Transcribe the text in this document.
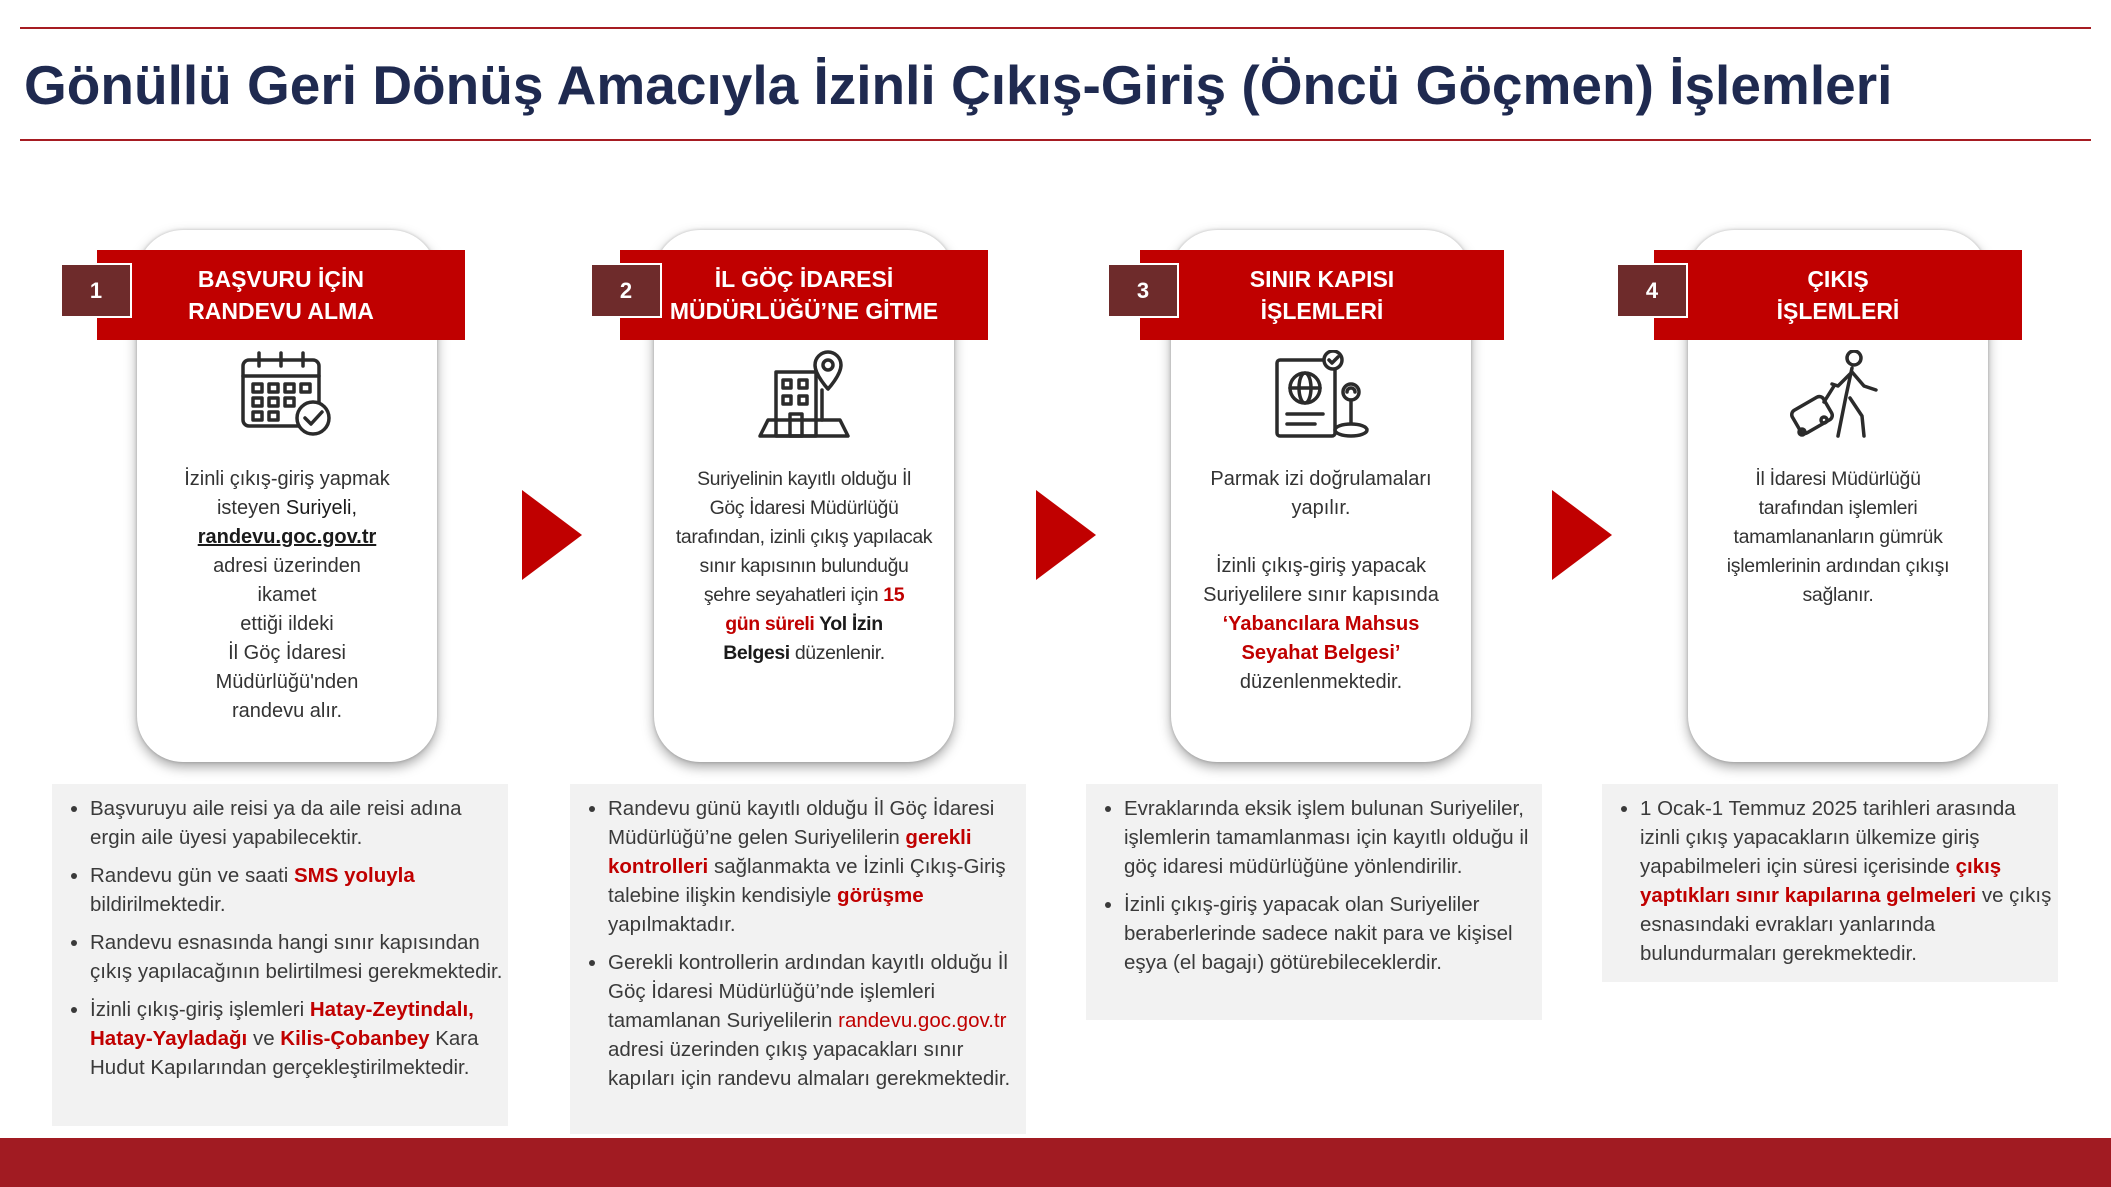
Gönüllü Geri Dönüş Amacıyla İzinli Çıkış-Giriş (Öncü Göçmen) İşlemleri
İzinli çıkış-giriş yapmak
isteyen Suriyeli,
randevu.goc.gov.tr
adresi üzerinden
ikamet
ettiği ildeki
İl Göç İdaresi
Müdürlüğü'nden
randevu alır.
BAŞVURU İÇİN
RANDEVU ALMA
1
Suriyelinin kayıtlı olduğu İl
Göç İdaresi Müdürlüğü
tarafından, izinli çıkış yapılacak
sınır kapısının bulunduğu
şehre seyahatleri için 15
gün süreli Yol İzin
Belgesi düzenlenir.
İL GÖÇ İDARESİ
MÜDÜRLÜĞÜ’NE GİTME
2
Parmak izi doğrulamaları
yapılır.
İzinli çıkış-giriş yapacak
Suriyelilere sınır kapısında
‘Yabancılara Mahsus
Seyahat Belgesi’
düzenlenmektedir.
SINIR KAPISI
İŞLEMLERİ
3
İl İdaresi Müdürlüğü
tarafından işlemleri
tamamlananların gümrük
işlemlerinin ardından çıkışı
sağlanır.
ÇIKIŞ
İŞLEMLERİ
4
• Başvuruyu aile reisi ya da aile reisi adına ergin aile üyesi yapabilecektir.
• Randevu gün ve saati SMS yoluyla bildirilmektedir.
• Randevu esnasında hangi sınır kapısından çıkış yapılacağının belirtilmesi gerekmektedir.
• İzinli çıkış-giriş işlemleri Hatay-Zeytindalı, Hatay-Yayladağı ve Kilis-Çobanbey Kara Hudut Kapılarından gerçekleştirilmektedir.
• Randevu günü kayıtlı olduğu İl Göç İdaresi Müdürlüğü’ne gelen Suriyelilerin gerekli kontrolleri sağlanmakta ve İzinli Çıkış-Giriş talebine ilişkin kendisiyle görüşme yapılmaktadır.
• Gerekli kontrollerin ardından kayıtlı olduğu İl Göç İdaresi Müdürlüğü’nde işlemleri tamamlanan Suriyelilerin randevu.goc.gov.tr adresi üzerinden çıkış yapacakları sınır kapıları için randevu almaları gerekmektedir.
• Evraklarında eksik işlem bulunan Suriyeliler, işlemlerin tamamlanması için kayıtlı olduğu il göç idaresi müdürlüğüne yönlendirilir.
• İzinli çıkış-giriş yapacak olan Suriyeliler beraberlerinde sadece nakit para ve kişisel eşya (el bagajı) götürebileceklerdir.
• 1 Ocak-1 Temmuz 2025 tarihleri arasında izinli çıkış yapacakların ülkemize giriş yapabilmeleri için süresi içerisinde çıkış yaptıkları sınır kapılarına gelmeleri ve çıkış esnasındaki evrakları yanlarında bulundurmaları gerekmektedir.
